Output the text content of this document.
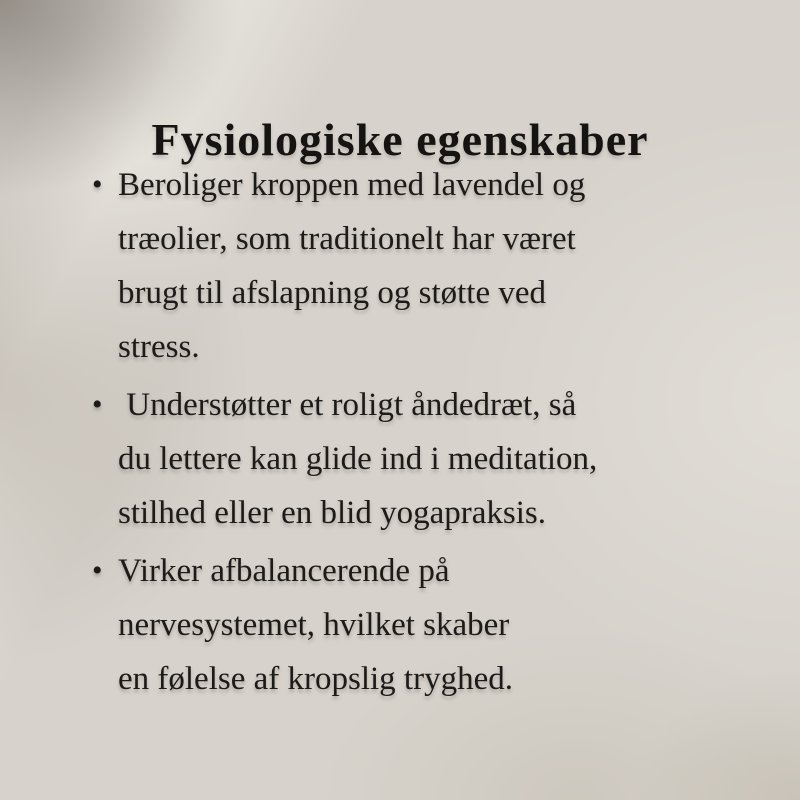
Fysiologiske egenskaber
• Beroliger kroppen med lavendel og
træolier, som traditionelt har været
brugt til afslapning og støtte ved
stress.
• Understøtter et roligt åndedræt, så
du lettere kan glide ind i meditation,
stilhed eller en blid yogapraksis.
• Virker afbalancerende på
nervesystemet, hvilket skaber
en følelse af kropslig tryghed.
